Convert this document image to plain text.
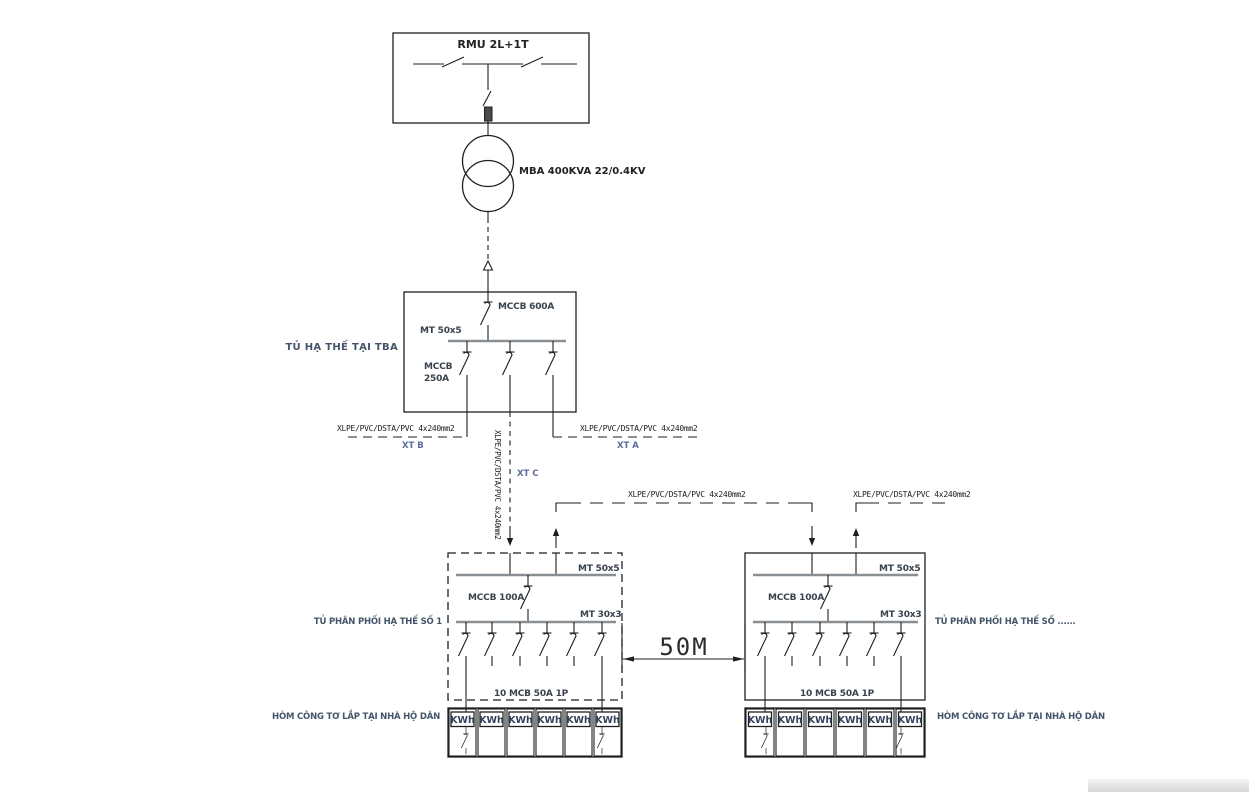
RMU 2L+1T
MBA 400KVA 22/0.4KV
TỦ HẠ THẾ TẠI TBA
MCCB 600A
MT 50x5
MCCB
250A
XLPE/PVC/DSTA/PVC 4x240mm2
XT B
XLPE/PVC/DSTA/PVC 4x240mm2
XT A
XLPE/PVC/DSTA/PVC 4x240mm2 XT C
XLPE/PVC/DSTA/PVC 4x240mm2	XLPE/PVC/DSTA/PVC 4x240mm2
TỦ PHÂN PHỐI HẠ THẾ SỐ 1
MT 50x5
MCCB 100A
MT 30x3
10 MCB 50A 1P
KWh KWh KWh KWh KWh KWh
HÒM CÔNG TƠ LẮP TẠI NHÀ HỘ DÂN
50M
TỦ PHÂN PHỐI HẠ THẾ SỐ ......
MT 50x5
MCCB 100A
MT 30x3
10 MCB 50A 1P
KWh KWh KWh KWh KWh KWh HÒM CÔNG TƠ LẮP TẠI NHÀ HỘ DÂN
